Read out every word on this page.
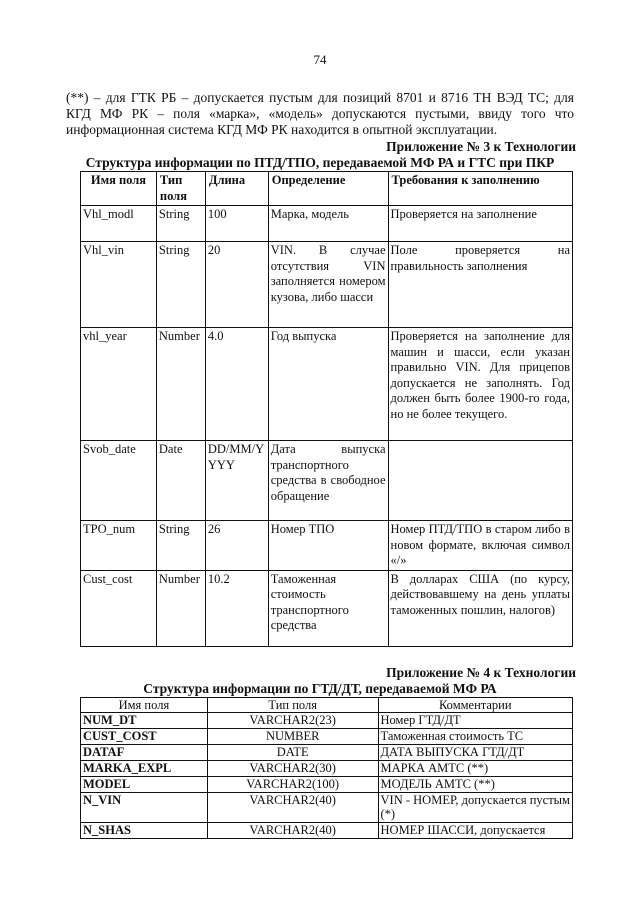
74

(**) – для ГТК РБ – допускается пустым для позиций 8701 и 8716 ТН ВЭД ТС; для

КГД МФ РК – поля «марка», «модель» допускаются пустыми, ввиду того что

информационная система КГД МФ РК находится в опытной эксплуатации.

Приложение № 3 к Технологии
Структура информации по ПТД/ТПО, передаваемой МФ РА и ГТС при ПКР
Имя поля	Тип поля	Длина	Определение	Требования к заполнению
Vhl_modl	String	100	Марка, модель	Проверяется на заполнение
Vhl_vin	String	20	VIN. В случае отсутствия VIN заполняется номером кузова, либо шасси	Поле проверяется на правильность заполнения
vhl_year	Number	4.0	Год выпуска	Проверяется на заполнение для машин и шасси, если указан правильно VIN. Для прицепов допускается не заполнять. Год должен быть более 1900-го года, но не более текущего.
Svob_date	Date	DD/MM/YYYY	Дата выпуска транспортного средства в свободное обращение	
TPO_num	String	26	Номер ТПО	Номер ПТД/ТПО в старом либо в новом формате, включая символ «/»
Cust_cost	Number	10.2	Таможенная стоимость транспортного средства	В долларах США (по курсу, действовавшему на день уплаты таможенных пошлин, налогов)
Приложение № 4 к Технологии
Структура информации по ГТД/ДТ, передаваемой МФ РА
Имя поля	Тип поля	Комментарии
NUM_DT	VARCHAR2(23)	Номер ГТД/ДТ
CUST_COST	NUMBER	Таможенная стоимость ТС
DATAF	DATE	ДАТА ВЫПУСКА ГТД/ДТ
MARKA_EXPL	VARCHAR2(30)	МАРКА АМТС (**)
MODEL	VARCHAR2(100)	МОДЕЛЬ АМТС (**)
N_VIN	VARCHAR2(40)	VIN - НОМЕР, допускается пустым (*)
N_SHAS	VARCHAR2(40)	НОМЕР ШАССИ, допускается
